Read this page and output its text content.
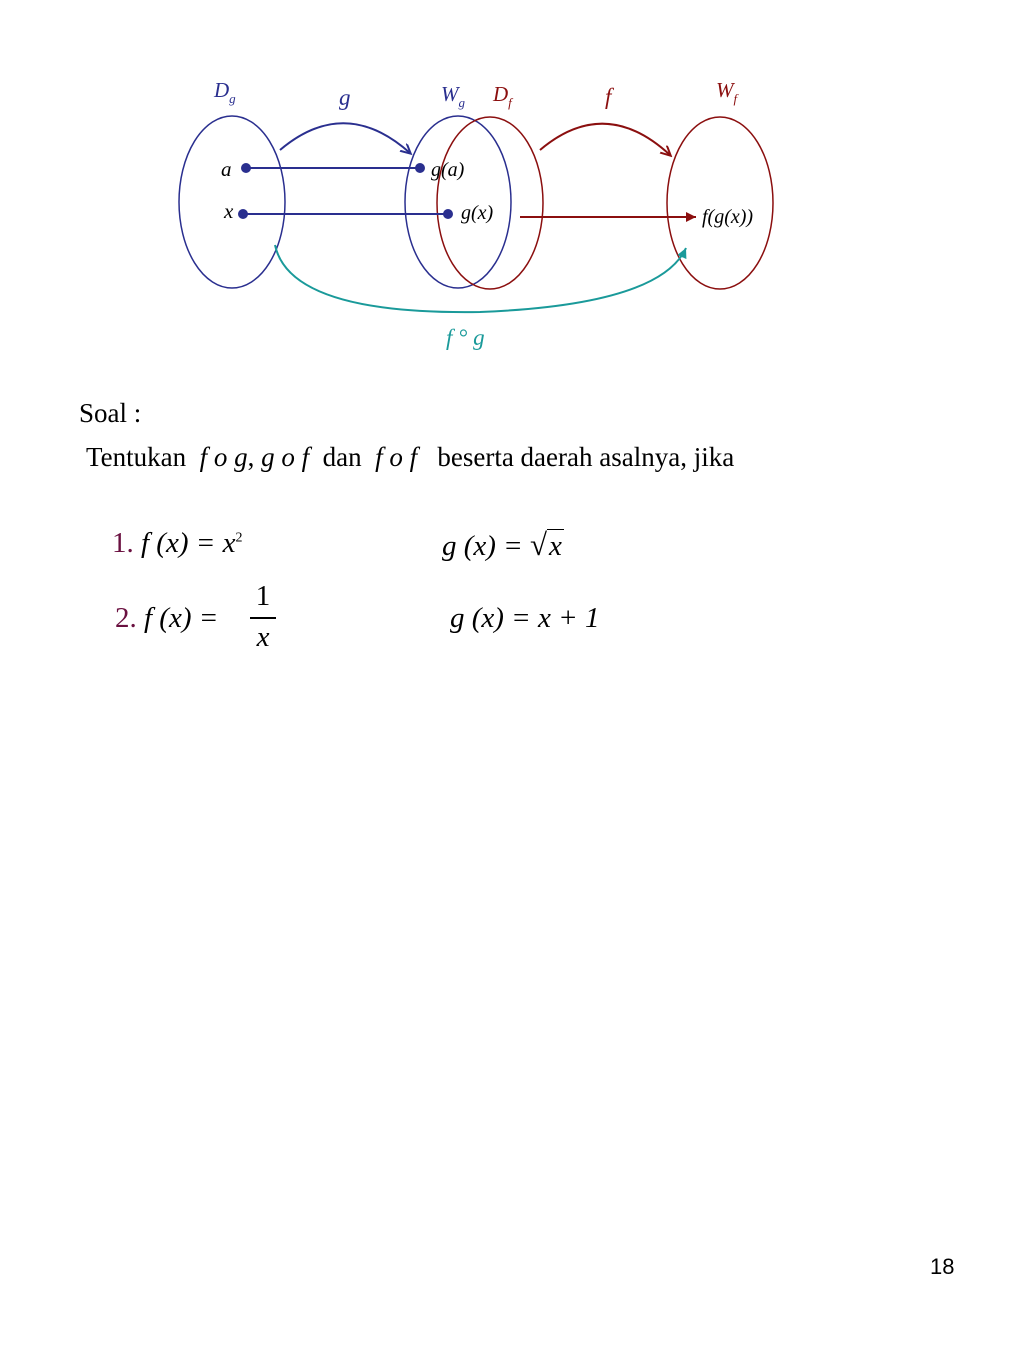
$D_g$	g	$W_g$ $D_f$	f	$W_f$
a
x
g(a)
g(x)	f(g(x))
f ° g
Soal :
Tentukan f o g, g o f dan f o f beserta daerah asalnya, jika
1. f $(x) = x^2$	g (x) = √x
2. f (x) =
1
x
g (x) = x + 1
18
